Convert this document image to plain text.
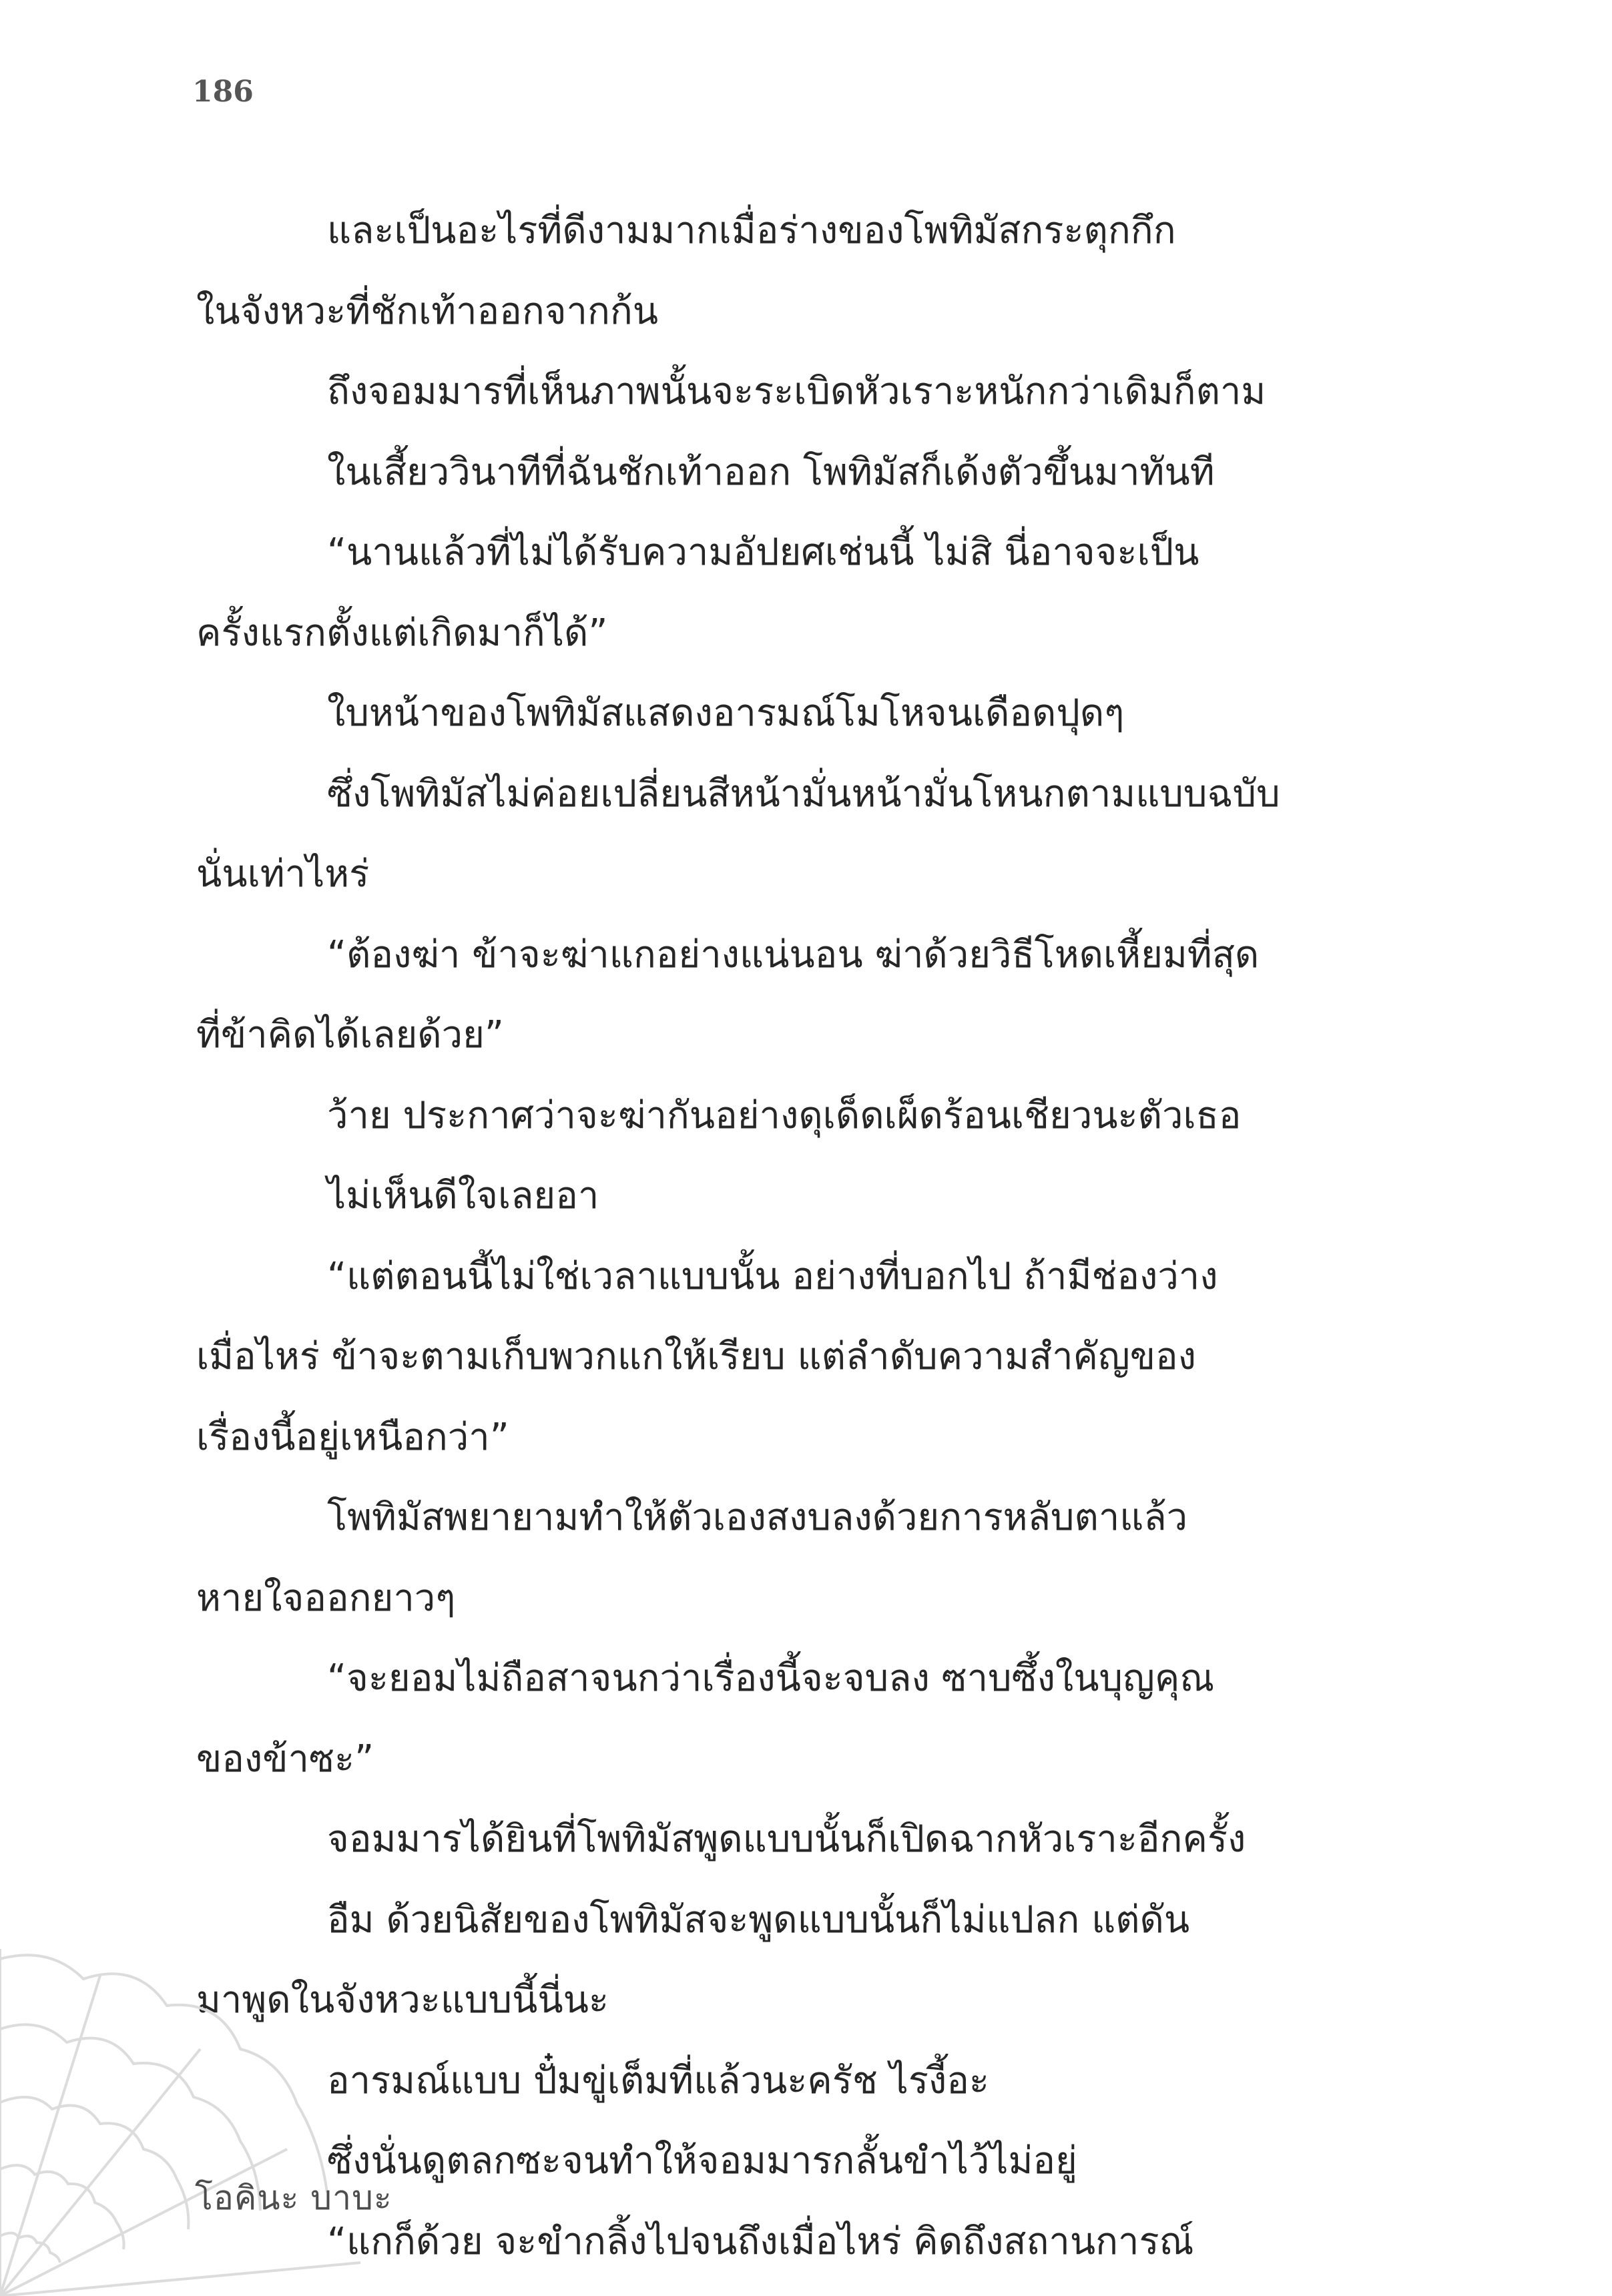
186
และเป็นอะไรที่ดีงามมากเมื่อร่างของโพทิมัสกระตุกกึก
ในจังหวะที่ชักเท้าออกจากก้น
ถึงจอมมารที่เห็นภาพนั้นจะระเบิดหัวเราะหนักกว่าเดิมก็ตาม
ในเสี้ยววินาทีที่ฉันชักเท้าออก โพทิมัสก็เด้งตัวขึ้นมาทันที
“นานแล้วที่ไม่ได้รับความอัปยศเช่นนี้ ไม่สิ นี่อาจจะเป็น
ครั้งแรกตั้งแต่เกิดมาก็ได้”
ใบหน้าของโพทิมัสแสดงอารมณ์โมโหจนเดือดปุดๆ
ซึ่งโพทิมัสไม่ค่อยเปลี่ยนสีหน้ามั่นหน้ามั่นโหนกตามแบบฉบับ
นั่นเท่าไหร่
“ต้องฆ่า ข้าจะฆ่าแกอย่างแน่นอน ฆ่าด้วยวิธีโหดเหี้ยมที่สุด
ที่ข้าคิดได้เลยด้วย”
ว้าย ประกาศว่าจะฆ่ากันอย่างดุเด็ดเผ็ดร้อนเชียวนะตัวเธอ
ไม่เห็นดีใจเลยอา
“แต่ตอนนี้ไม่ใช่เวลาแบบนั้น อย่างที่บอกไป ถ้ามีช่องว่าง
เมื่อไหร่ ข้าจะตามเก็บพวกแกให้เรียบ แต่ลำดับความสำคัญของ
เรื่องนี้อยู่เหนือกว่า”
โพทิมัสพยายามทำให้ตัวเองสงบลงด้วยการหลับตาแล้ว
หายใจออกยาวๆ
“จะยอมไม่ถือสาจนกว่าเรื่องนี้จะจบลง ซาบซึ้งในบุญคุณ
ของข้าซะ”
จอมมารได้ยินที่โพทิมัสพูดแบบนั้นก็เปิดฉากหัวเราะอีกครั้ง
อืม ด้วยนิสัยของโพทิมัสจะพูดแบบนั้นก็ไม่แปลก แต่ดัน
มาพูดในจังหวะแบบนี้นี่นะ
อารมณ์แบบ ปั๋มขู่เต็มที่แล้วนะครัช ไรงี้อะ
ซึ่งนั่นดูตลกซะจนทำให้จอมมารกลั้นขำไว้ไม่อยู่
“แกก็ด้วย จะขำกลิ้งไปจนถึงเมื่อไหร่ คิดถึงสถานการณ์
โอคินะ บาบะ
